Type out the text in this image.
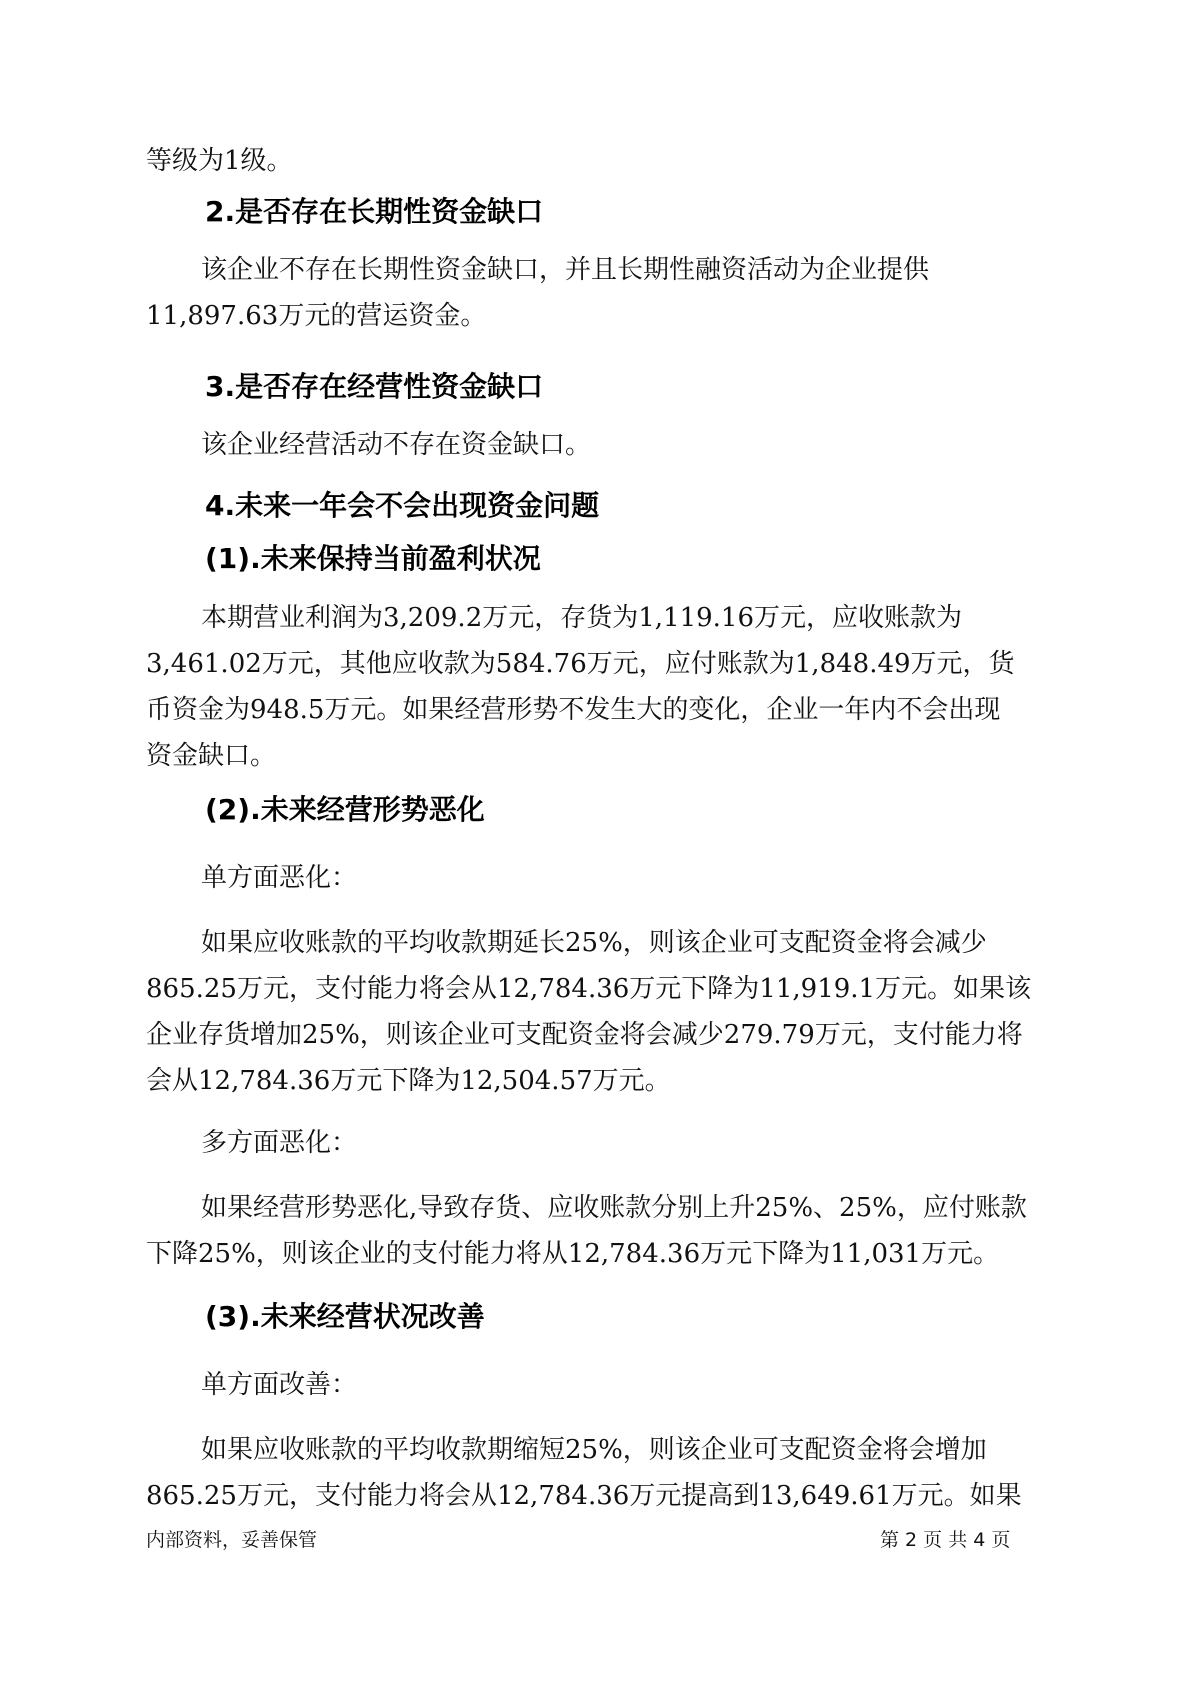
等级为1级。
2.是否存在长期性资金缺口
该企业不存在长期性资金缺口，并且长期性融资活动为企业提供
11,897.63万元的营运资金。
3.是否存在经营性资金缺口
该企业经营活动不存在资金缺口。
4.未来一年会不会出现资金问题
(1).未来保持当前盈利状况
本期营业利润为3,209.2万元，存货为1,119.16万元，应收账款为
3,461.02万元，其他应收款为584.76万元，应付账款为1,848.49万元，货
币资金为948.5万元。如果经营形势不发生大的变化，企业一年内不会出现
资金缺口。
(2).未来经营形势恶化
单方面恶化：
如果应收账款的平均收款期延长25%，则该企业可支配资金将会减少
865.25万元，支付能力将会从12,784.36万元下降为11,919.1万元。如果该
企业存货增加25%，则该企业可支配资金将会减少279.79万元，支付能力将
会从12,784.36万元下降为12,504.57万元。
多方面恶化：
如果经营形势恶化,导致存货、应收账款分别上升25%、25%，应付账款
下降25%，则该企业的支付能力将从12,784.36万元下降为11,031万元。
(3).未来经营状况改善
单方面改善：
如果应收账款的平均收款期缩短25%，则该企业可支配资金将会增加
865.25万元，支付能力将会从12,784.36万元提高到13,649.61万元。如果
内部资料，妥善保管	第 2 页 共 4 页
